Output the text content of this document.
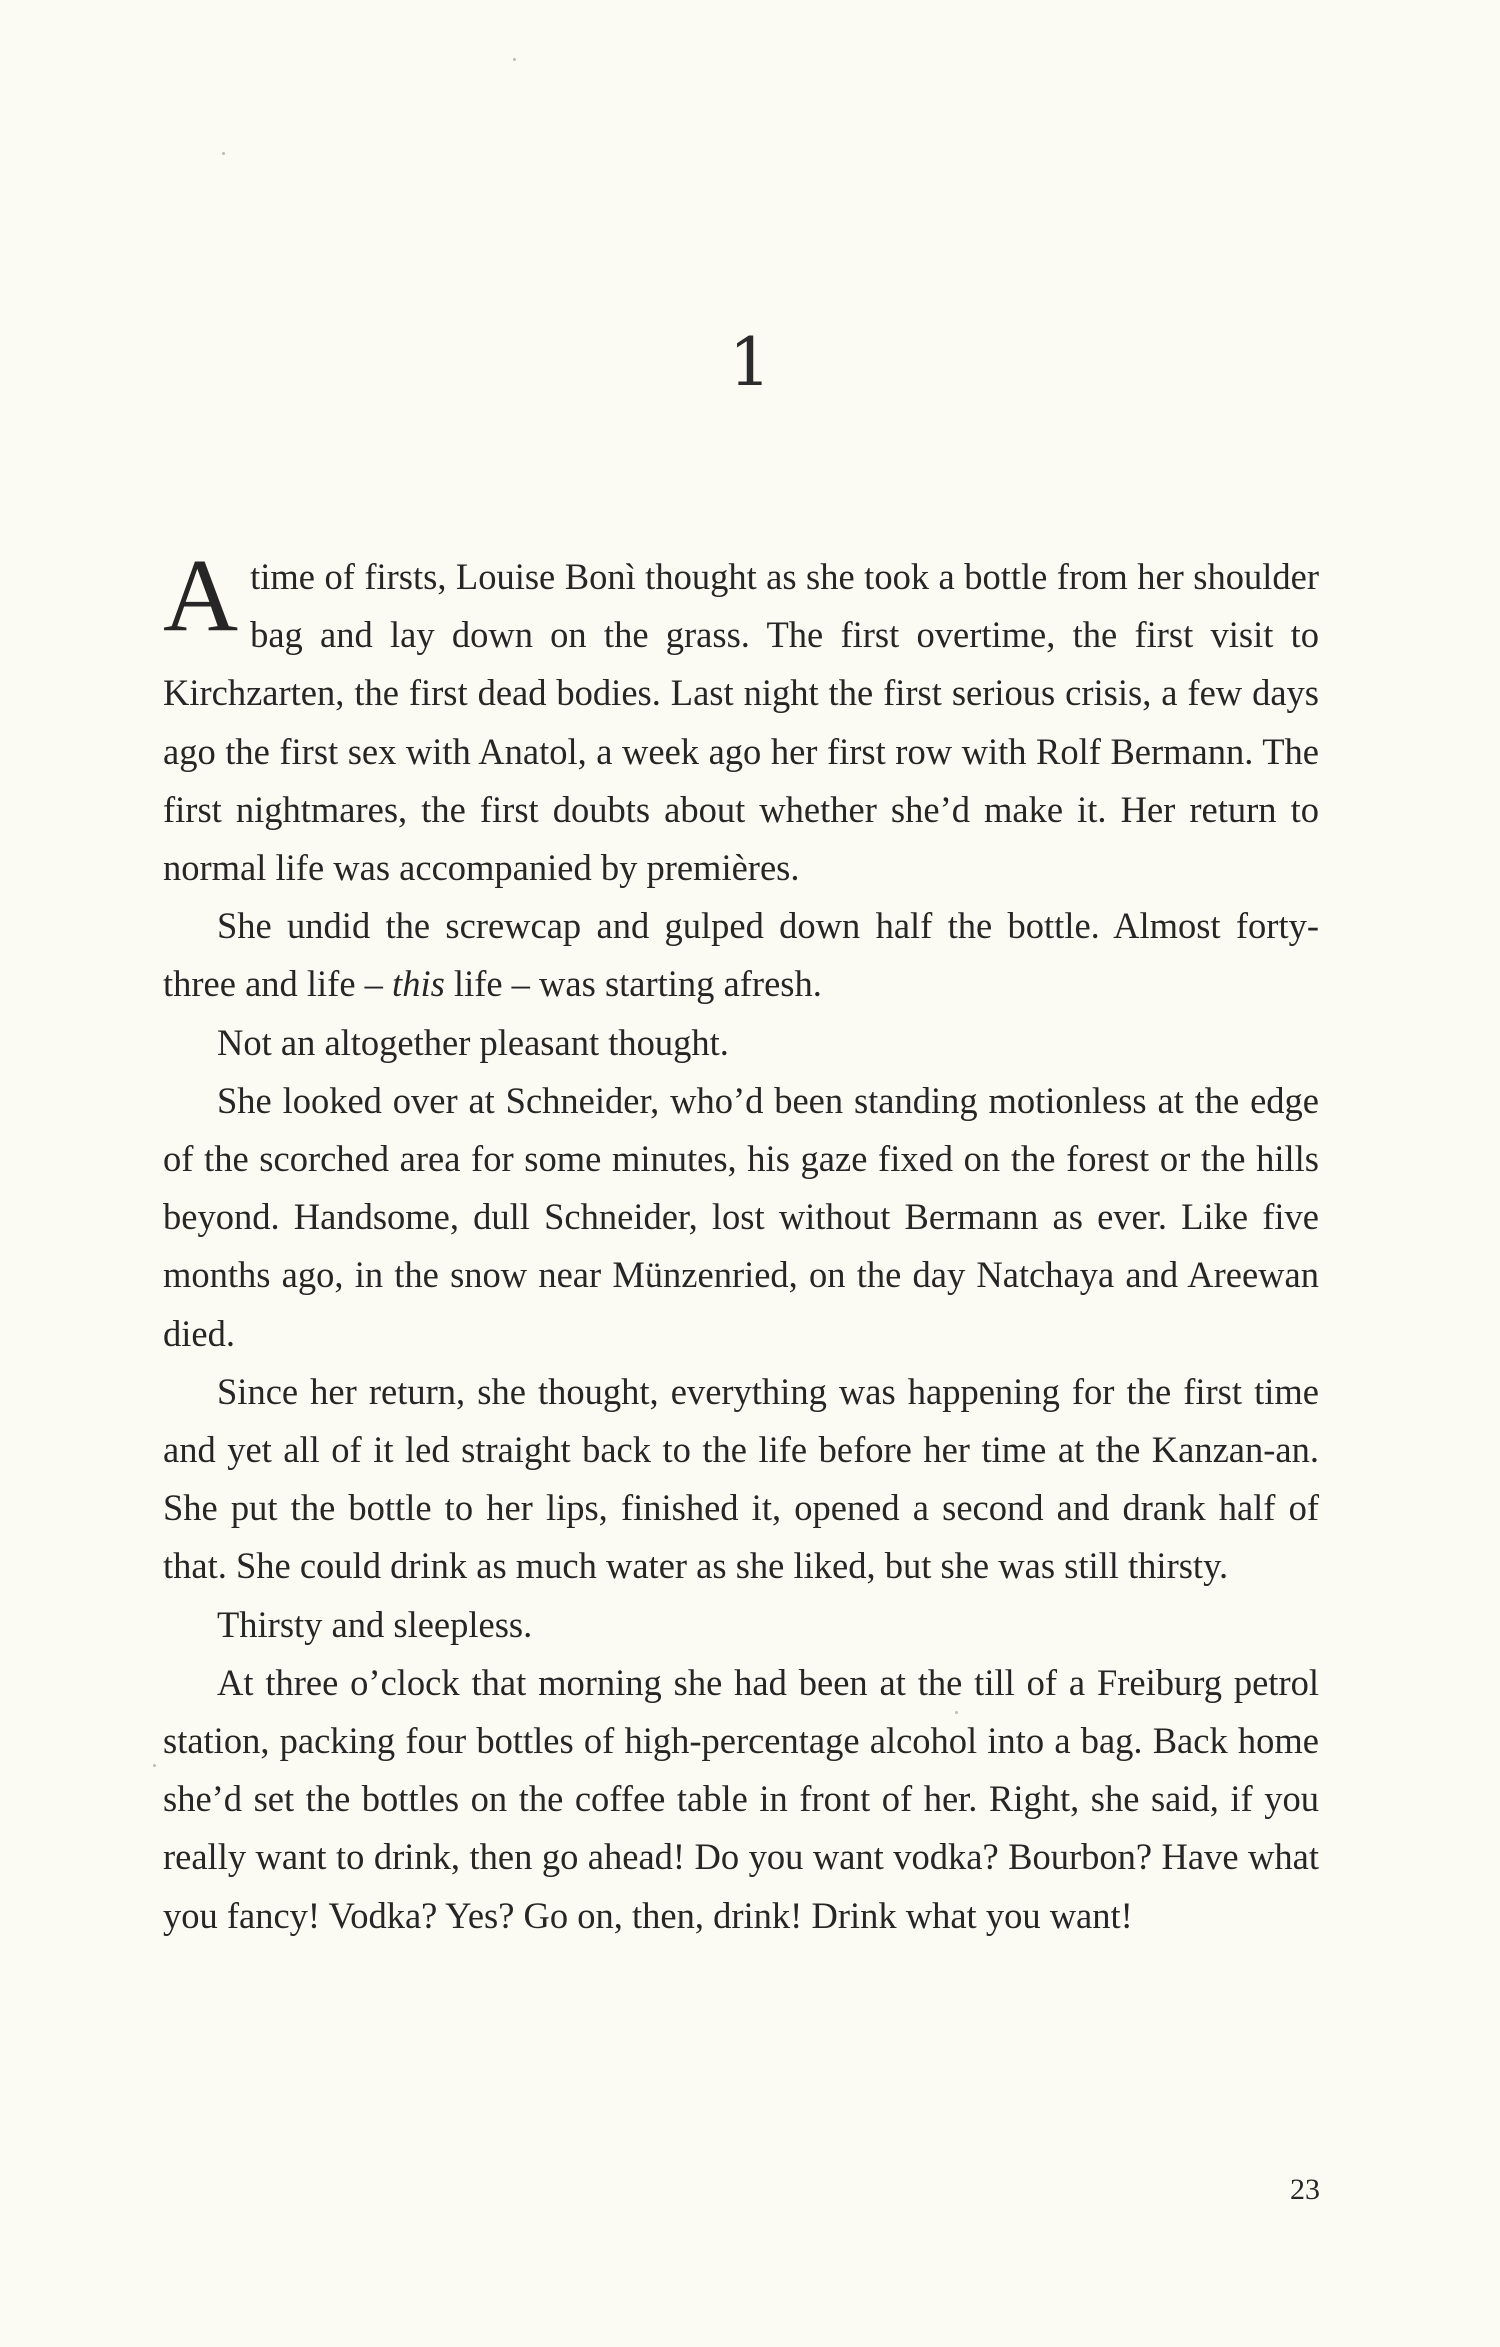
1

A time of firsts, Louise Bonì thought as she took a bottle from her shoulder bag and lay down on the grass. The first overtime, the first visit to Kirchzarten, the first dead bodies. Last night the first serious crisis, a few days ago the first sex with Anatol, a week ago her first row with Rolf Bermann. The first nightmares, the first doubts about whether she’d make it. Her return to normal life was accompanied by premières.

She undid the screwcap and gulped down half the bottle. Almost forty-three and life – this life – was starting afresh.

Not an altogether pleasant thought.

She looked over at Schneider, who’d been standing motionless at the edge of the scorched area for some minutes, his gaze fixed on the forest or the hills beyond. Handsome, dull Schneider, lost without Bermann as ever. Like five months ago, in the snow near Münzenried, on the day Natchaya and Areewan died.

Since her return, she thought, everything was happening for the first time and yet all of it led straight back to the life before her time at the Kanzan-an. She put the bottle to her lips, finished it, opened a second and drank half of that. She could drink as much water as she liked, but she was still thirsty.

Thirsty and sleepless.

At three o’clock that morning she had been at the till of a Freiburg petrol station, packing four bottles of high-percentage alcohol into a bag. Back home she’d set the bottles on the coffee table in front of her. Right, she said, if you really want to drink, then go ahead! Do you want vodka? Bourbon? Have what you fancy! Vodka? Yes? Go on, then, drink! Drink what you want!

23
